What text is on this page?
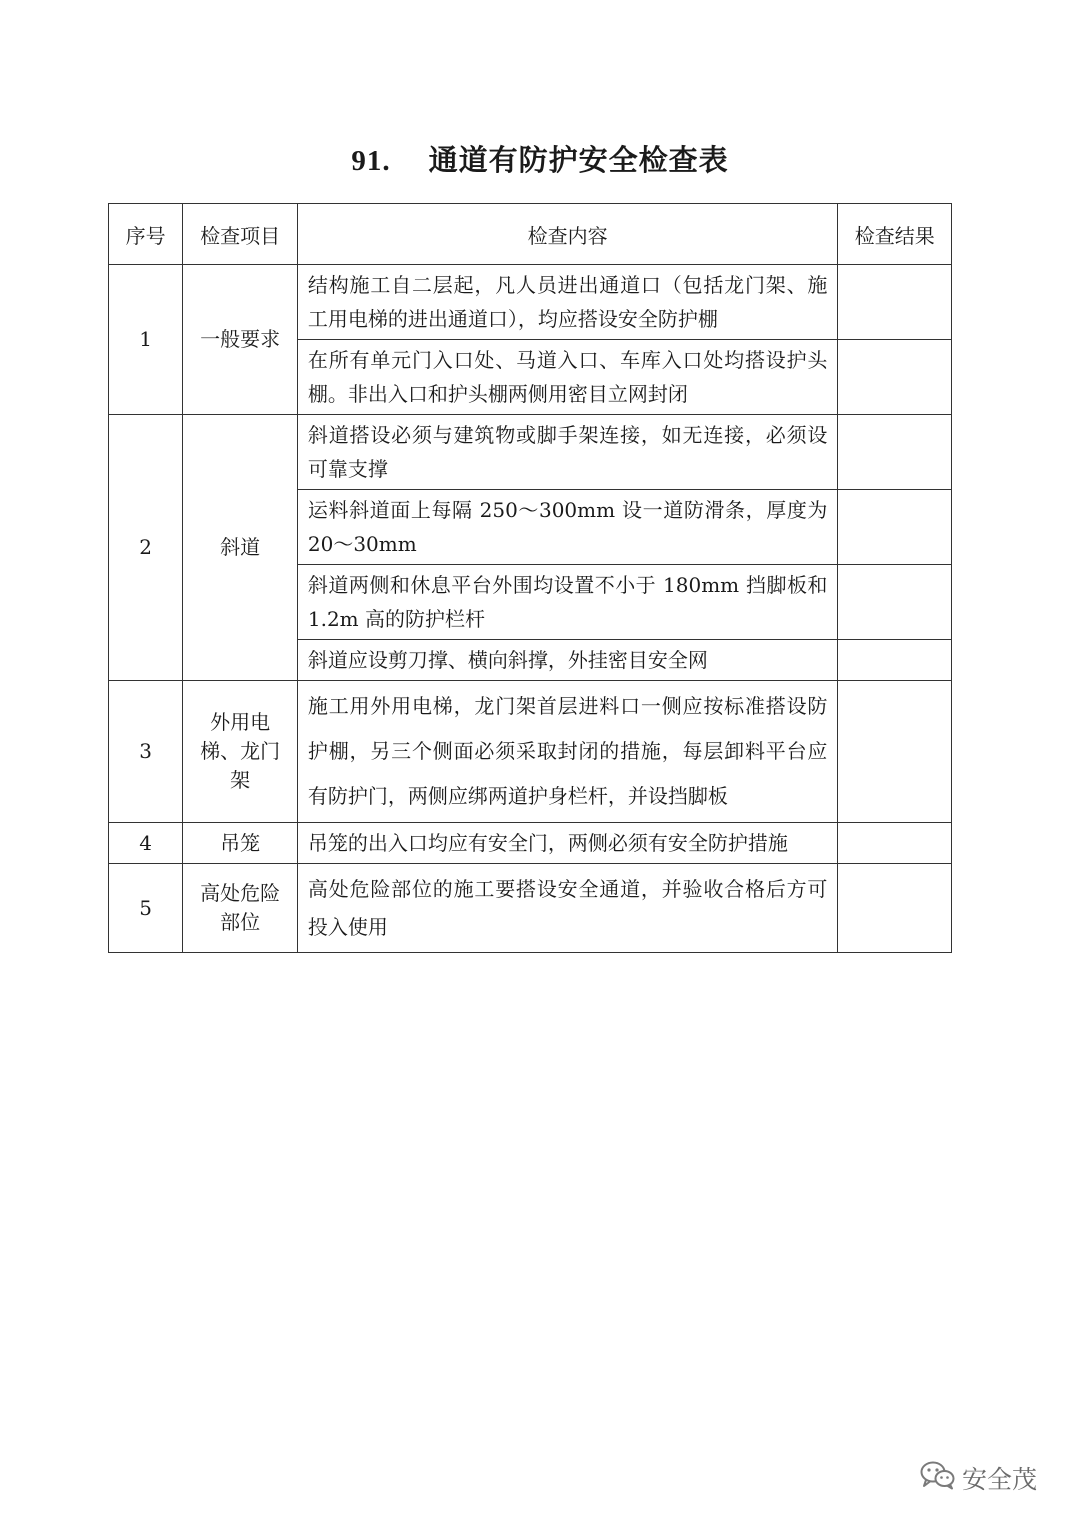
91. 通道有防护安全检查表
序号	检查项目	检查内容	检查结果
1	一般要求	结构施工自二层起，凡人员进出通道口（包括龙门架、施工用电梯的进出通道口），均应搭设安全防护棚	
		在所有单元门入口处、马道入口、车库入口处均搭设护头棚。非出入口和护头棚两侧用密目立网封闭	
2	斜道	斜道搭设必须与建筑物或脚手架连接，如无连接，必须设可靠支撑	
		运料斜道面上每隔 250～300mm 设一道防滑条，厚度为 20～30mm	
		斜道两侧和休息平台外围均设置不小于 180mm 挡脚板和 1.2m 高的防护栏杆	
		斜道应设剪刀撑、横向斜撑，外挂密目安全网	
3	外用电梯、龙门架	施工用外用电梯，龙门架首层进料口一侧应按标准搭设防护棚，另三个侧面必须采取封闭的措施，每层卸料平台应有防护门，两侧应绑两道护身栏杆，并设挡脚板	
4	吊笼	吊笼的出入口均应有安全门，两侧必须有安全防护措施	
5	高处危险部位	高处危险部位的施工要搭设安全通道，并验收合格后方可投入使用	
安全茂
